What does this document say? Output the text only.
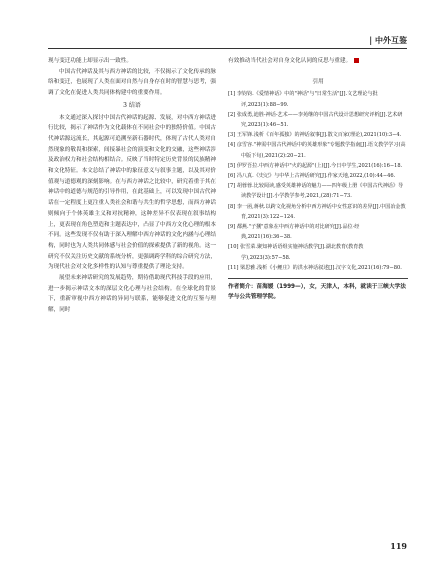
| 中外互鉴

现与变迁功能上却显示出一致性。

中国古代神话及其与西方神话的比较，不仅揭示了文化传承的脉络和变迁，也展现了人类在面对自然与自身存在时的智慧与思考，强调了文化在促进人类共同体构建中的重要作用。

3 结语

本文通过深入探讨中国古代神话的起源、发展，对中西方神话进行比较，揭示了神话作为文化载体在不同社会中的独特价值。中国古代神话源远流长，其起源可追溯至新石器时代，体现了古代人类对自然现象的敬畏和探索，间接暴社会的演变和文化的交融，这些神话涉及政治权力和社会结构相结合。反映了当时特定历史背景的民族精神和文化特征。本文总结了神话中的象征意义与叙事主题，以及其对价值观与道德观的深刻影响。在与西方神话之比较中，研究着重于其在神话中的道德与规范的引导作用，在此基础上，可以发现中国古代神话在一定程度上更注重人类社会和谐与共生的哲学思想，而西方神话则倾向于个体英雄主义和对抗精神，这种差异不仅表现在叙事结构上，更表现在角色塑造和主题表达中，凸显了中西方文化心理的根本不同。这些发现不仅有助于深入理解中西方神话的文化内涵与心理结构，同时也为人类共同体感与社会价值的探索提供了新的视角。这一研究不仅关注历史文献的系统分析，更强调跨学科的综合研究方法，为现代社会对文化多样性的认知与尊重提供了理论支持。

展望未来神话研究的发展趋势，期待借助现代科技手段的应用，进一步揭示神话文本的深层文化心理与社会结构。在全球化的背景下，重新审视中西方神话的异同与联系，能够促进文化的互鉴与理解，同时

有效推动当代社会对自身文化认同的反思与重建。

引用
[1] 李钧钧.《爱情神话》中的"神话"与"日常生活"[J].文艺理论与批评,2023(1):88−99.
[2] 张成勇,迪胜-神话-艺术——李苑继的中国古代设计思想研究评析[J].艺术研究,2023(1):46−51.
[3] 王军锋.浅析《百年孤独》的神话叙事[J].散文百家(理论),2021(10):3−4.
[4] 彦雪容."神需中国古代神话中的英雄形象"专题教学指南[J].语文教学学习(高中版下旬),2021(2):20−21.
[5] 伊罗吾拉.中西方神话中"火的起源"(上)[J].今日中学生,2021(16):16−18.
[6] 冯八真.《史记》与中华上古神话研究[J].作家天地,2022,(10):44−46.
[7] 胡蓉蓉.比较阅读,感受英雄神话的魅力——四年级上册《中国古代神话》导读教学设计[J].小学教学参考,2021,(28):71−73.
[8] 李一函,蒋秋.以跨文化视角分析中西方神话中女性意识的差异[J].中国冶金教育,2021(3):122−124.
[9] 都燕."子捌"意象在中西方神话中的对比研究[J].品位·经典,2021(16):36−38.
[10] 张雪菜.聚知神话语组实施神话教学[J].湖北教育(教育教学),2023(3):57−58.
[11] 梁思雅.浅析《小鲤庄》的洪水神话叙述[J].汉字文化,2021(16):79−80.
作者简介：苗海媛（1999—），女，天津人，本科，就读于三峡大学法学与公共管理学院。
119
